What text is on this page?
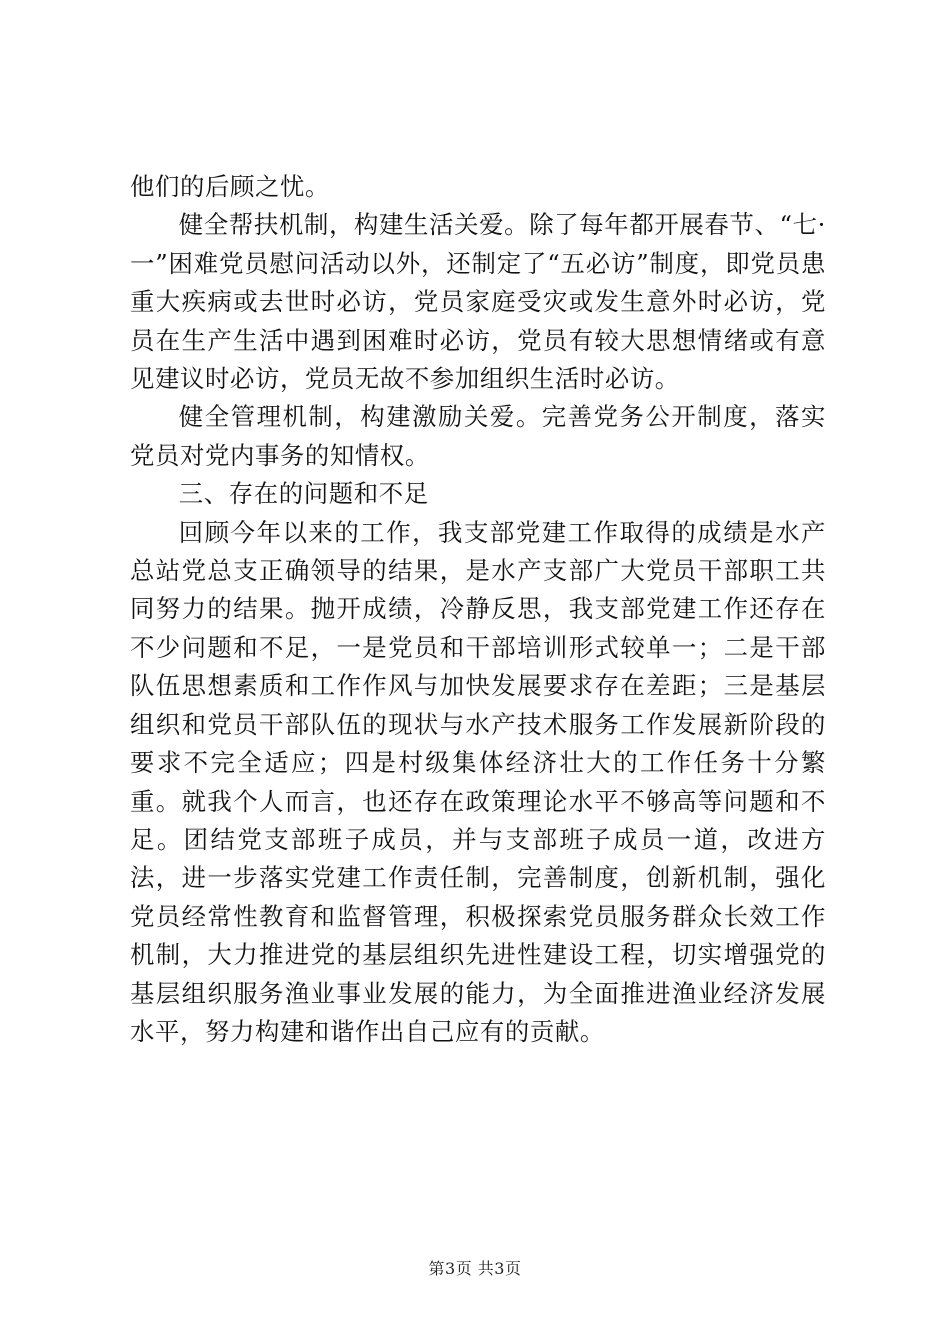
他们的后顾之忧。

健全帮扶机制，构建生活关爱。除了每年都开展春节、“七·一”困难党员慰问活动以外，还制定了“五必访”制度，即党员患重大疾病或去世时必访，党员家庭受灾或发生意外时必访，党员在生产生活中遇到困难时必访，党员有较大思想情绪或有意见建议时必访，党员无故不参加组织生活时必访。

健全管理机制，构建激励关爱。完善党务公开制度，落实党员对党内事务的知情权。

三、存在的问题和不足

回顾今年以来的工作，我支部党建工作取得的成绩是水产总站党总支正确领导的结果，是水产支部广大党员干部职工共同努力的结果。抛开成绩，冷静反思，我支部党建工作还存在不少问题和不足，一是党员和干部培训形式较单一；二是干部队伍思想素质和工作作风与加快发展要求存在差距；三是基层组织和党员干部队伍的现状与水产技术服务工作发展新阶段的要求不完全适应；四是村级集体经济壮大的工作任务十分繁重。就我个人而言，也还存在政策理论水平不够高等问题和不足。团结党支部班子成员，并与支部班子成员一道，改进方法，进一步落实党建工作责任制，完善制度，创新机制，强化党员经常性教育和监督管理，积极探索党员服务群众长效工作机制，大力推进党的基层组织先进性建设工程，切实增强党的基层组织服务渔业事业发展的能力，为全面推进渔业经济发展水平，努力构建和谐作出自己应有的贡献。

第3页 共3页
